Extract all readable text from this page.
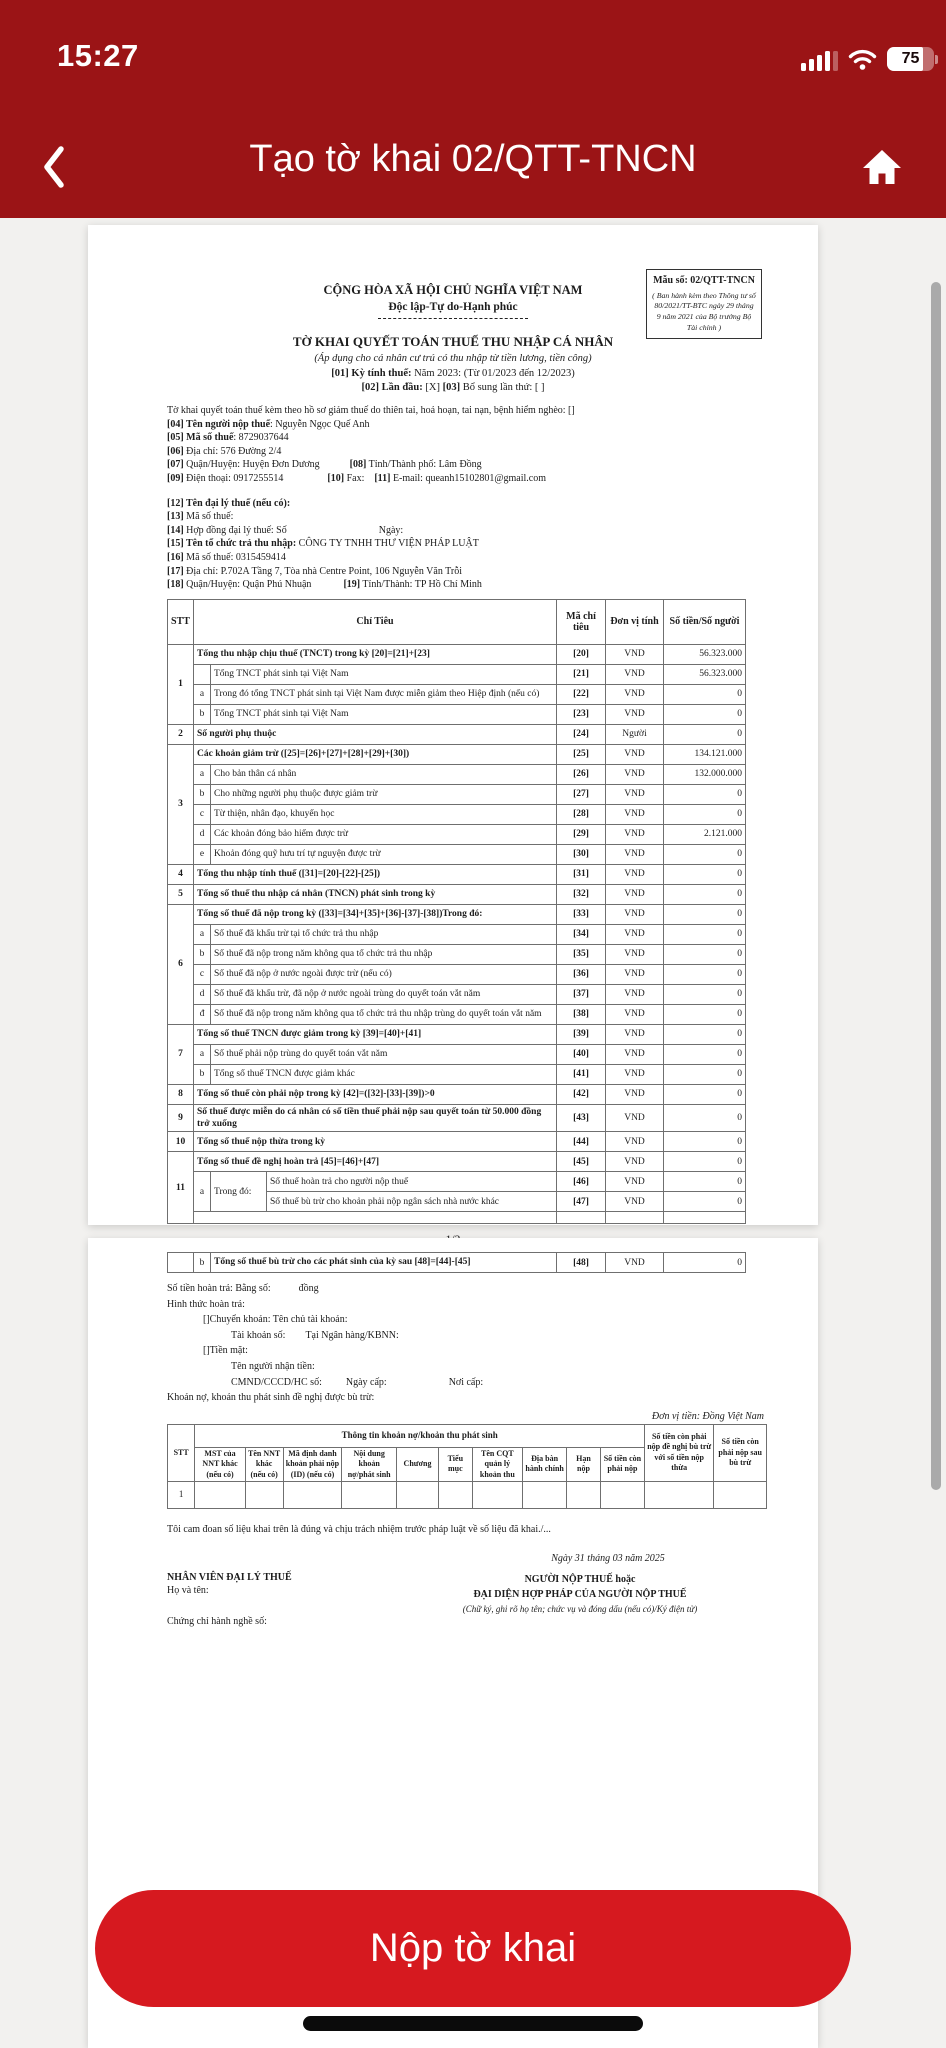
15:27	75
Tạo tờ khai 02/QTT-TNCN
CỘNG HÒA XÃ HỘI CHỦ NGHĨA VIỆT NAM
Độc lập-Tự do-Hạnh phúc
TỜ KHAI QUYẾT TOÁN THUẾ THU NHẬP CÁ NHÂN
(Áp dụng cho cá nhân cư trú có thu nhập từ tiền lương, tiền công)
[01] Kỳ tính thuế: Năm 2023: (Từ 01/2023 đến 12/2023)
[02] Lần đầu: [X] [03] Bổ sung lần thứ: [ ]
Mẫu số: 02/QTT-TNCN
( Ban hành kèm theo Thông tư số 80/2021/TT-BTC ngày 29 tháng 9 năm 2021 của Bộ trưởng Bộ Tài chính )
Tờ khai quyết toán thuế kèm theo hồ sơ giảm thuế do thiên tai, hoả hoạn, tai nạn, bệnh hiểm nghèo: []
[04] Tên người nộp thuế: Nguyễn Ngọc Quế Anh
[05] Mã số thuế: 8729037644
[06] Địa chỉ: 576 Đường 2/4
[07] Quận/Huyện: Huyện Đơn Dương	[08] Tỉnh/Thành phố: Lâm Đồng
[09] Điện thoại: 0917255514	[10] Fax: [11] E-mail: queanh15102801@gmail.com
[12] Tên đại lý thuế (nếu có):
[13] Mã số thuế:
[14] Hợp đồng đại lý thuế: Số	Ngày:
[15] Tên tổ chức trả thu nhập: CÔNG TY TNHH THƯ VIỆN PHÁP LUẬT
[16] Mã số thuế: 0315459414
[17] Địa chỉ: P.702A Tầng 7, Tòa nhà Centre Point, 106 Nguyễn Văn Trỗi
[18] Quận/Huyện: Quận Phú Nhuận	[19] Tỉnh/Thành: TP Hồ Chí Minh
STT	Chỉ Tiêu			Mã chỉ tiêu	Đơn vị tính	Số tiền/Số người
1	Tổng thu nhập chịu thuế (TNCT) trong kỳ [20]=[21]+[23]			[20]	VND	56.323.000
		Tổng TNCT phát sinh tại Việt Nam		[21]	VND	56.323.000
	a	Trong đó tổng TNCT phát sinh tại Việt Nam được miễn giảm theo Hiệp định (nếu có)		[22]	VND	0
	b	Tổng TNCT phát sinh tại Việt Nam		[23]	VND	0
2	Số người phụ thuộc			[24]	Người	0
3	Các khoản giảm trừ ([25]=[26]+[27]+[28]+[29]+[30])			[25]	VND	134.121.000
	a	Cho bản thân cá nhân		[26]	VND	132.000.000
	b	Cho những người phụ thuộc được giảm trừ		[27]	VND	0
	c	Từ thiện, nhân đạo, khuyến học		[28]	VND	0
	d	Các khoản đóng bảo hiểm được trừ		[29]	VND	2.121.000
	e	Khoản đóng quỹ hưu trí tự nguyện được trừ		[30]	VND	0
4	Tổng thu nhập tính thuế ([31]=[20]-[22]-[25])			[31]	VND	0
5	Tổng số thuế thu nhập cá nhân (TNCN) phát sinh trong kỳ			[32]	VND	0
6	Tổng số thuế đã nộp trong kỳ ([33]=[34]+[35]+[36]-[37]-[38])Trong đó:			[33]	VND	0
	a	Số thuế đã khấu trừ tại tổ chức trả thu nhập		[34]	VND	0
	b	Số thuế đã nộp trong năm không qua tổ chức trả thu nhập		[35]	VND	0
	c	Số thuế đã nộp ở nước ngoài được trừ (nếu có)		[36]	VND	0
	d	Số thuế đã khấu trừ, đã nộp ở nước ngoài trùng do quyết toán vắt năm		[37]	VND	0
	đ	Số thuế đã nộp trong năm không qua tổ chức trả thu nhập trùng do quyết toán vắt năm		[38]	VND	0
7	Tổng số thuế TNCN được giảm trong kỳ [39]=[40]+[41]			[39]	VND	0
	a	Số thuế phải nộp trùng do quyết toán vắt năm		[40]	VND	0
	b	Tổng số thuế TNCN được giảm khác		[41]	VND	0
8	Tổng số thuế còn phải nộp trong kỳ [42]=([32]-[33]-[39])>0			[42]	VND	0
9	Số thuế được miễn do cá nhân có số tiền thuế phải nộp sau quyết toán từ 50.000 đồng trở xuống			[43]	VND	0
10	Tổng số thuế nộp thừa trong kỳ			[44]	VND	0
11	Tổng số thuế đề nghị hoàn trả [45]=[46]+[47]			[45]	VND	0
	a	Trong đó:	Số thuế hoàn trả cho người nộp thuế	[46]	VND	0
			Số thuế bù trừ cho khoản phải nộp ngân sách nhà nước khác	[47]	VND	0

	b	Tổng số thuế bù trừ cho các phát sinh của kỳ sau [48]=[44]-[45]	[48]	VND	0
Số tiền hoàn trả: Bằng số:	đồng
Hình thức hoàn trả:
[]Chuyển khoản: Tên chủ tài khoản:
Tài khoản số: Tại Ngân hàng/KBNN:
[]Tiền mặt:
Tên người nhận tiền:
CMND/CCCD/HC số: Ngày cấp:	Nơi cấp:
Khoản nợ, khoản thu phát sinh đề nghị được bù trừ:
Đơn vị tiền: Đồng Việt Nam
STT	Thông tin khoản nợ/khoản thu phát sinh										Số tiền còn phải nộp đề nghị bù trừ với số tiền nộp thừa	Số tiền còn phải nộp sau bù trừ
	MST của NNT khác (nếu có)	Tên NNT khác (nếu có)	Mã định danh khoản phải nộp (ID) (nếu có)	Nội dung khoản nợ/phát sinh	Chương	Tiểu mục	Tên CQT quản lý khoản thu	Địa bàn hành chính	Hạn nộp	Số tiền còn phải nộp		
1												
Tôi cam đoan số liệu khai trên là đúng và chịu trách nhiệm trước pháp luật về số liệu đã khai./...
Ngày 31 tháng 03 năm 2025
NHÂN VIÊN ĐẠI LÝ THUẾ
Họ và tên:
Chứng chỉ hành nghề số:
NGƯỜI NỘP THUẾ hoặc
ĐẠI DIỆN HỢP PHÁP CỦA NGƯỜI NỘP THUẾ
(Chữ ký, ghi rõ họ tên; chức vụ và đóng dấu (nếu có)/Ký điện tử)
Nộp tờ khai
